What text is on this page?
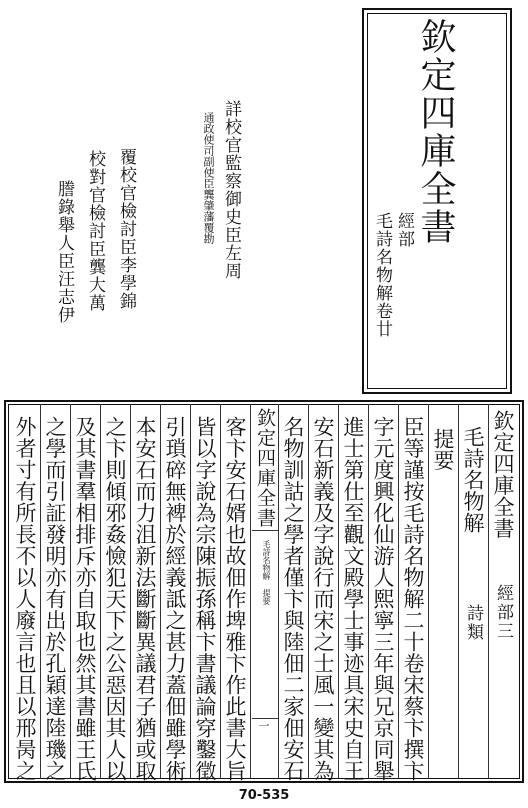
欽定四庫全書
經部
毛詩名物解卷廿
詳校官監察御史臣左周
通政使司副使臣龔肇藩覆勘
覆校官檢討臣李學錦
校對官檢討臣龔大萬
謄錄舉人臣汪志伊
欽定四庫全書
經部三
毛詩名物解
詩類
提要
臣等謹按毛詩名物解二十卷宋蔡卞撰卞
字元度興化仙游人熙寧三年與兄京同舉
進士第仕至觀文殿學士事迹具宋史自王
安石新義及字說行而宋之士風一變其為
名物訓詁之學者僅卞與陸佃二家佃安石
欽定四庫全書
毛詩名物解 提要
一
客卞安石婿也故佃作埤雅卞作此書大旨
皆以字說為宗陳振孫稱卞書議論穿鑿徵
引瑣碎無裨於經義詆之甚力蓋佃雖學術
本安石而力沮新法斷斷異議君子猶或取
之卞則傾邪姦憸犯天下之公惡因其人以
及其書羣相排斥亦自取也然其書雖王氏
之學而引証發明亦有出於孔穎達陸璣之
外者寸有所長不以人廢言也且以邢昺之
70-535
